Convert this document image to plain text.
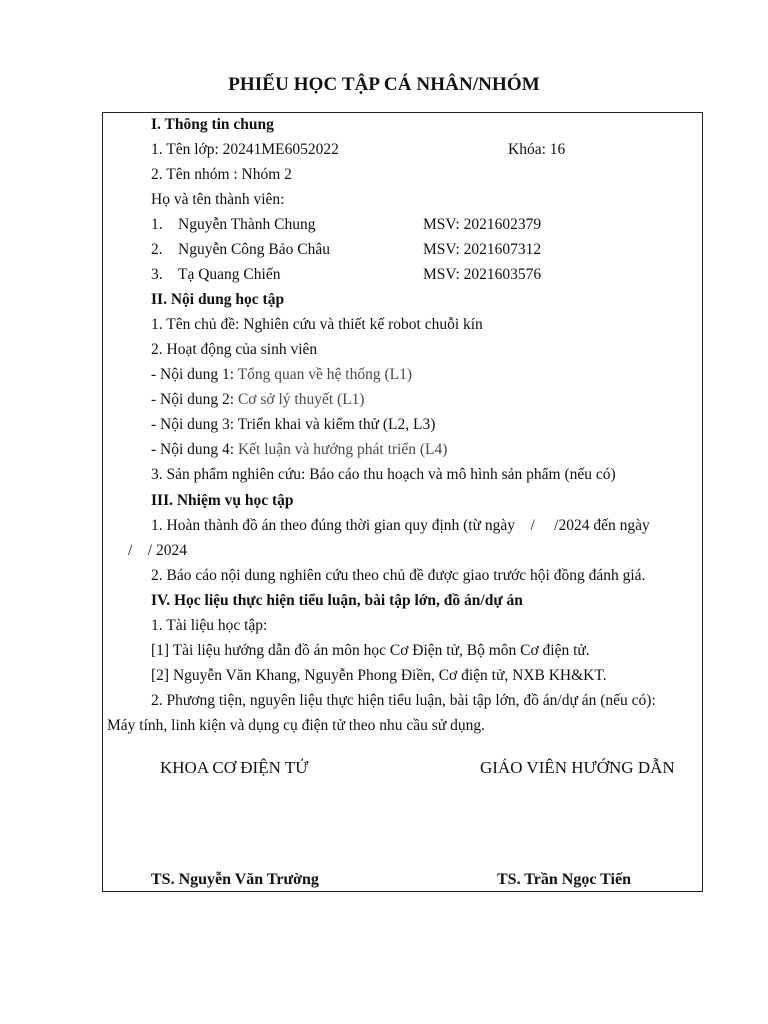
PHIẾU HỌC TẬP CÁ NHÂN/NHÓM
I. Thông tin chung
1. Tên lớp: 20241ME6052022	Khóa: 16
2. Tên nhóm : Nhóm 2
Họ và tên thành viên:
1. Nguyễn Thành Chung	MSV: 2021602379
2. Nguyễn Công Bảo Châu	MSV: 2021607312
3. Tạ Quang Chiến	MSV: 2021603576
II. Nội dung học tập
1. Tên chủ đề: Nghiên cứu và thiết kế robot chuỗi kín
2. Hoạt động của sinh viên
- Nội dung 1: Tổng quan về hệ thống (L1)
- Nội dung 2: Cơ sở lý thuyết (L1)
- Nội dung 3: Triển khai và kiểm thử (L2, L3)
- Nội dung 4: Kết luận và hướng phát triển (L4)
3. Sản phẩm nghiên cứu: Báo cáo thu hoạch và mô hình sản phẩm (nếu có)
III. Nhiệm vụ học tập
1. Hoàn thành đồ án theo đúng thời gian quy định (từ ngày    /     /2024 đến ngày
/    / 2024
2. Báo cáo nội dung nghiên cứu theo chủ đề được giao trước hội đồng đánh giá.
IV. Học liệu thực hiện tiểu luận, bài tập lớn, đồ án/dự án
1. Tài liệu học tập:
[1] Tài liệu hướng dẫn đồ án môn học Cơ Điện tử, Bộ môn Cơ điện tử.
[2] Nguyễn Văn Khang, Nguyễn Phong Điền, Cơ điện tử, NXB KH&KT.
2. Phương tiện, nguyên liệu thực hiện tiểu luận, bài tập lớn, đồ án/dự án (nếu có):
Máy tính, linh kiện và dụng cụ điện tử theo nhu cầu sử dụng.
KHOA CƠ ĐIỆN TỬ	GIÁO VIÊN HƯỚNG DẪN
TS. Nguyễn Văn Trường	TS. Trần Ngọc Tiến
